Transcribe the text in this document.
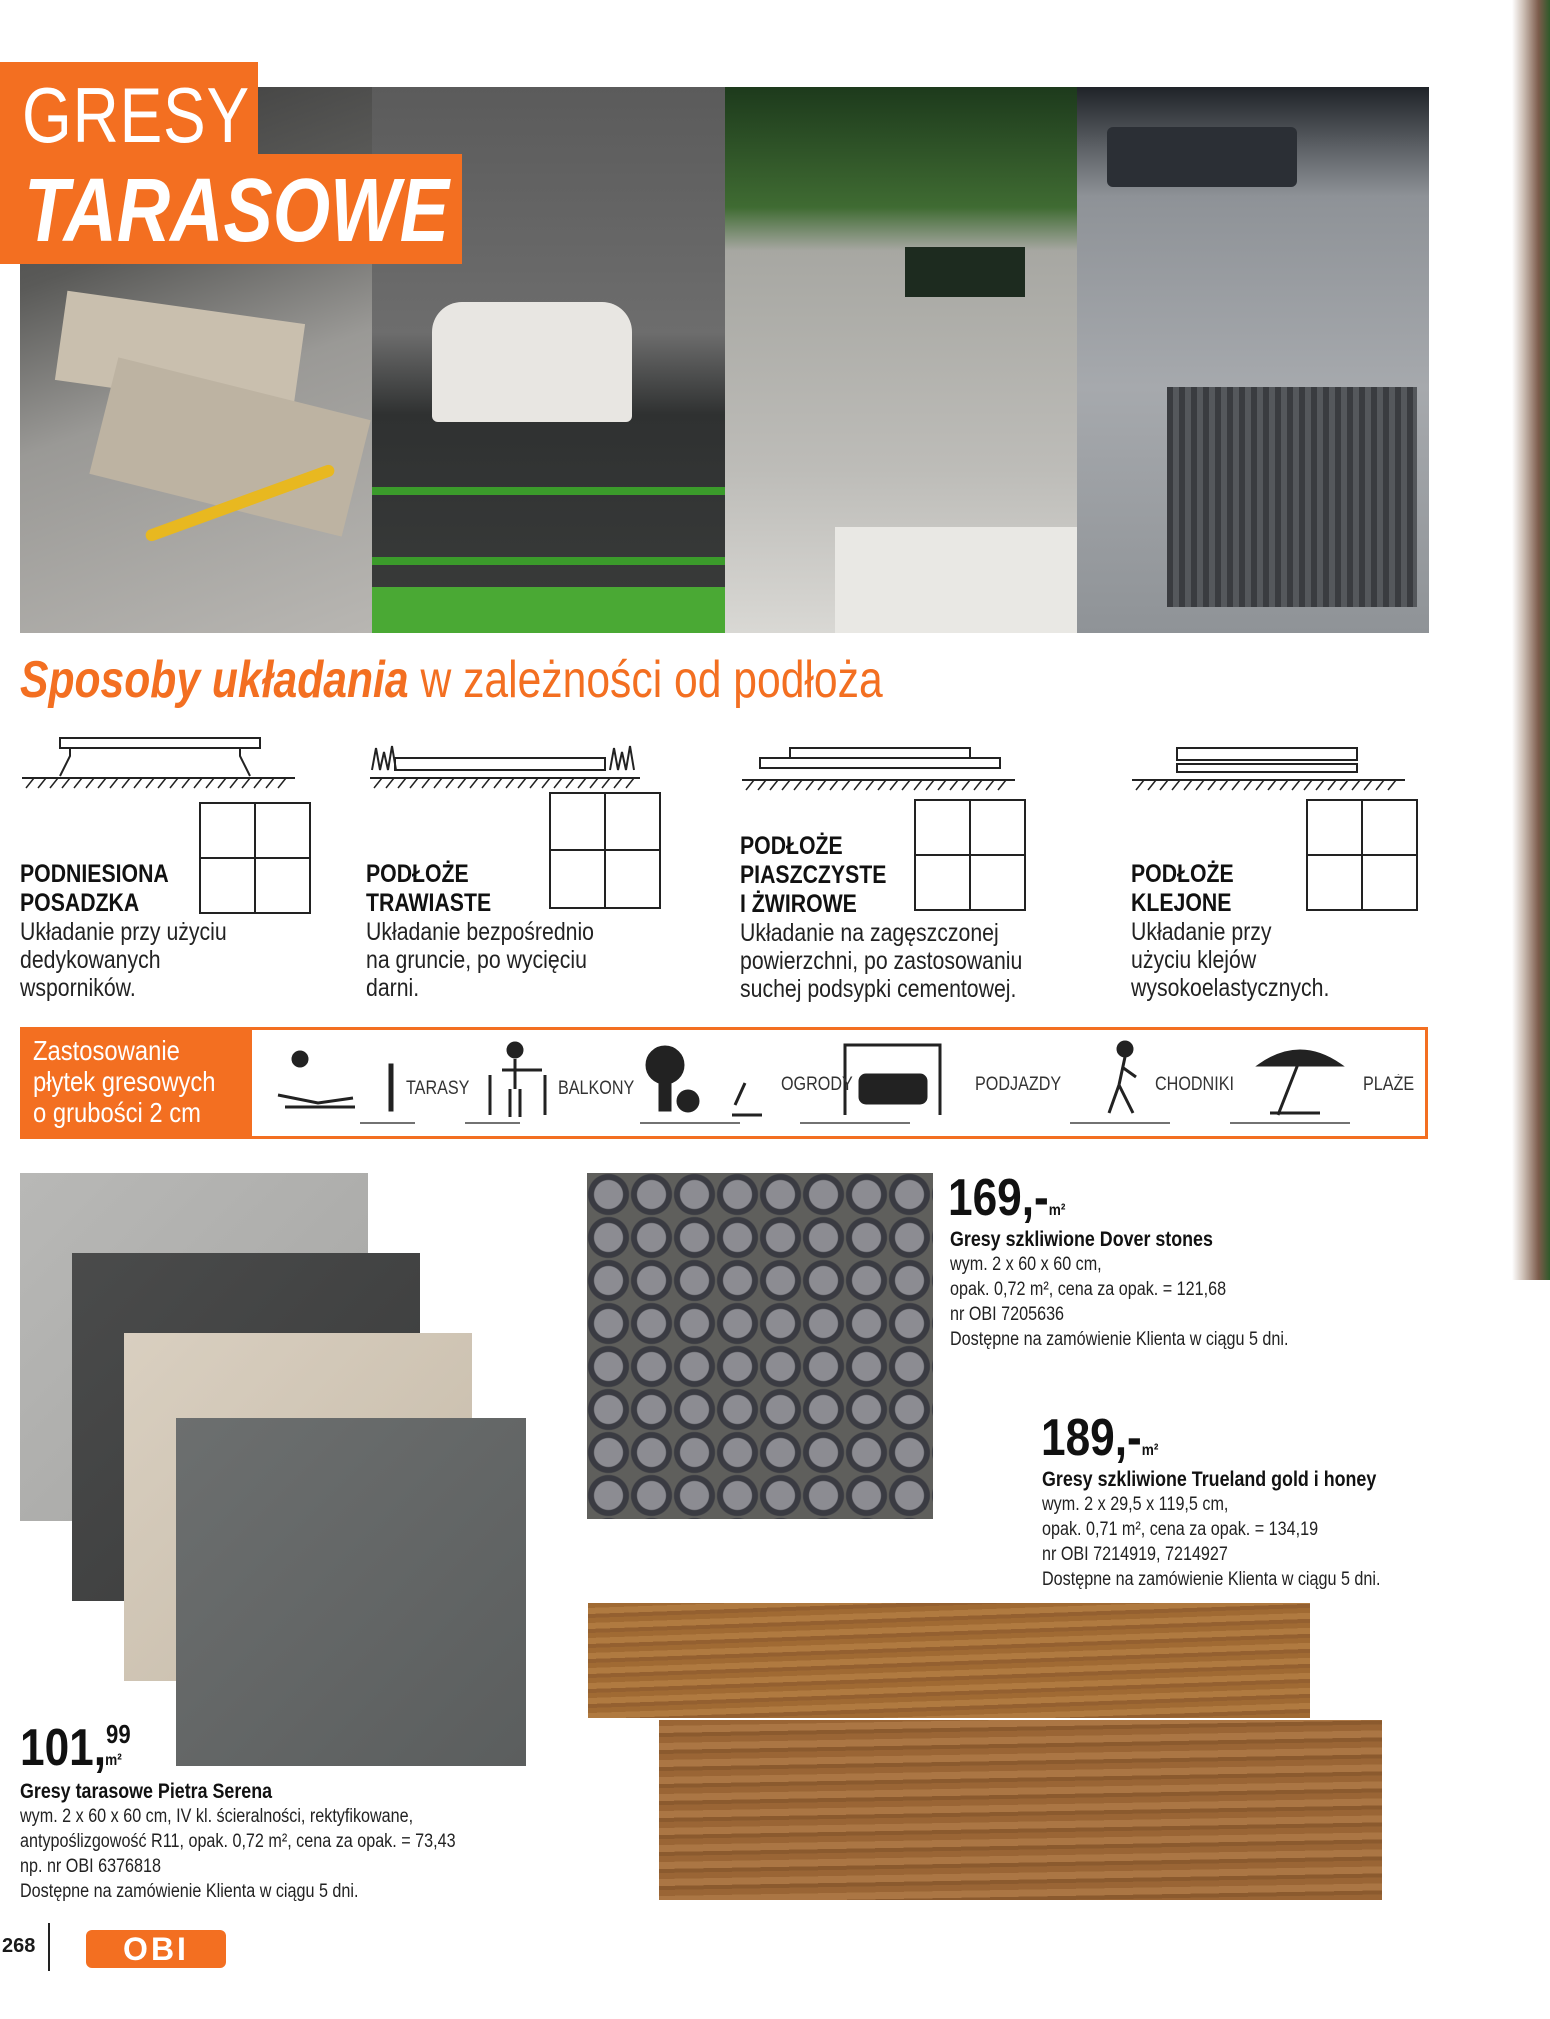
GRESY
TARASOWE
Sposoby układania w zależności od podłoża
PODNIESIONA
POSADZKA
Układanie przy użyciu
dedykowanych
wsporników.
PODŁOŻE
TRAWIASTE
Układanie bezpośrednio
na gruncie, po wycięciu
darni.
PODŁOŻE
PIASZCZYSTE
I ŻWIROWE
Układanie na zagęszczonej
powierzchni, po zastosowaniu
suchej podsypki cementowej.
PODŁOŻE
KLEJONE
Układanie przy
użyciu klejów
wysokoelastycznych.
Zastosowanie
płytek gresowych
o grubości 2 cm
TARASY	BALKONY	OGRODY	PODJAZDY	CHODNIKI	PLAŻE
101,99m²
Gresy tarasowe Pietra Serena
wym. 2 x 60 x 60 cm, IV kl. ścieralności, rektyfikowane,
antypoślizgowość R11, opak. 0,72 m², cena za opak. = 73,43
np. nr OBI 6376818
Dostępne na zamówienie Klienta w ciągu 5 dni.
169,-m²
Gresy szkliwione Dover stones
wym. 2 x 60 x 60 cm,
opak. 0,72 m², cena za opak. = 121,68
nr OBI 7205636
Dostępne na zamówienie Klienta w ciągu 5 dni.
189,-m²
Gresy szkliwione Trueland gold i honey
wym. 2 x 29,5 x 119,5 cm,
opak. 0,71 m², cena za opak. = 134,19
nr OBI 7214919, 7214927
Dostępne na zamówienie Klienta w ciągu 5 dni.
268	OBI
